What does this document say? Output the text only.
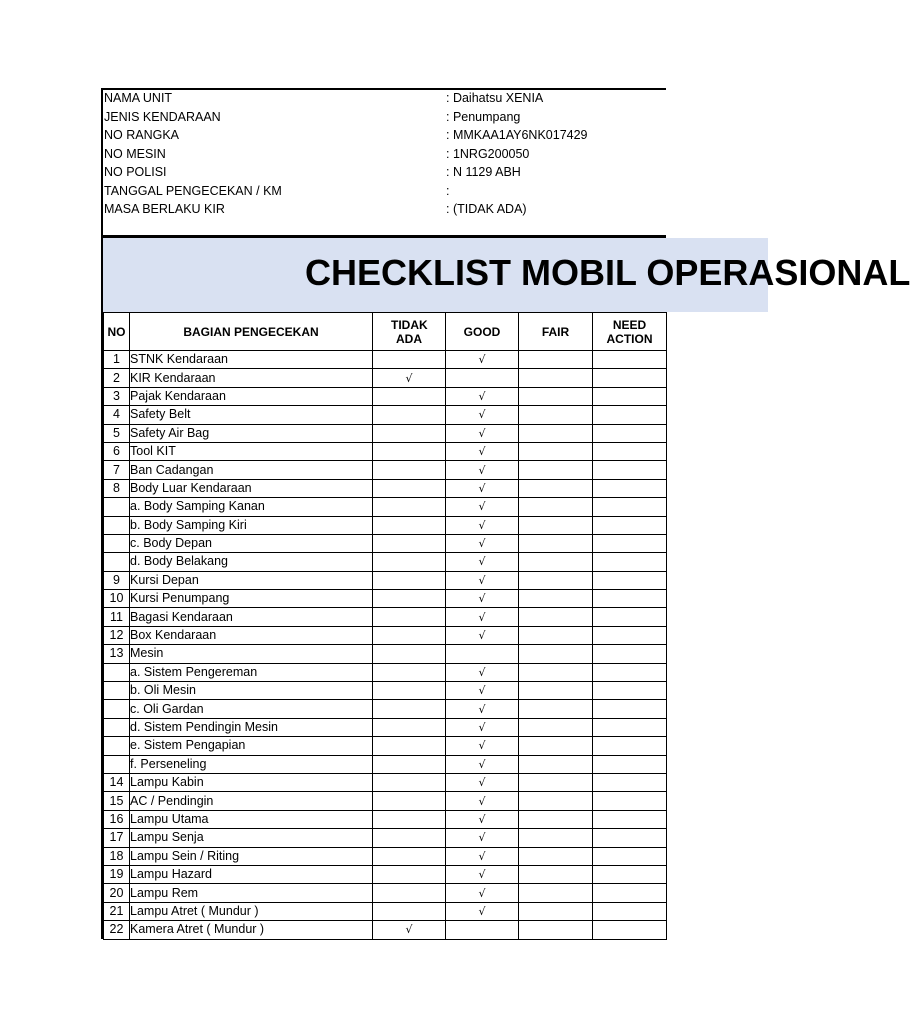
NAMA UNIT	: Daihatsu XENIA
JENIS KENDARAAN	: Penumpang
NO RANGKA	: MMKAA1AY6NK017429
NO MESIN	: 1NRG200050
NO POLISI	: N 1129 ABH
TANGGAL PENGECEKAN / KM	:
MASA BERLAKU KIR	: (TIDAK ADA)
CHECKLIST MOBIL OPERASIONAL
NO	BAGIAN PENGECEKAN	TIDAK ADA	GOOD	FAIR	NEED ACTION
1	STNK Kendaraan		√		
2	KIR Kendaraan	√			
3	Pajak Kendaraan		√		
4	Safety Belt		√		
5	Safety Air Bag		√		
6	Tool KIT		√		
7	Ban Cadangan		√		
8	Body Luar Kendaraan		√		
	a. Body Samping Kanan		√		
	b. Body Samping Kiri		√		
	c. Body Depan		√		
	d. Body Belakang		√		
9	Kursi Depan		√		
10	Kursi Penumpang		√		
11	Bagasi Kendaraan		√		
12	Box Kendaraan		√		
13	Mesin				
	a. Sistem Pengereman		√		
	b. Oli Mesin		√		
	c. Oli Gardan		√		
	d. Sistem Pendingin Mesin		√		
	e. Sistem Pengapian		√		
	f. Perseneling		√		
14	Lampu Kabin		√		
15	AC / Pendingin		√		
16	Lampu Utama		√		
17	Lampu Senja		√		
18	Lampu Sein / Riting		√		
19	Lampu Hazard		√		
20	Lampu Rem		√		
21	Lampu Atret ( Mundur )		√		
22	Kamera Atret ( Mundur )	√			
